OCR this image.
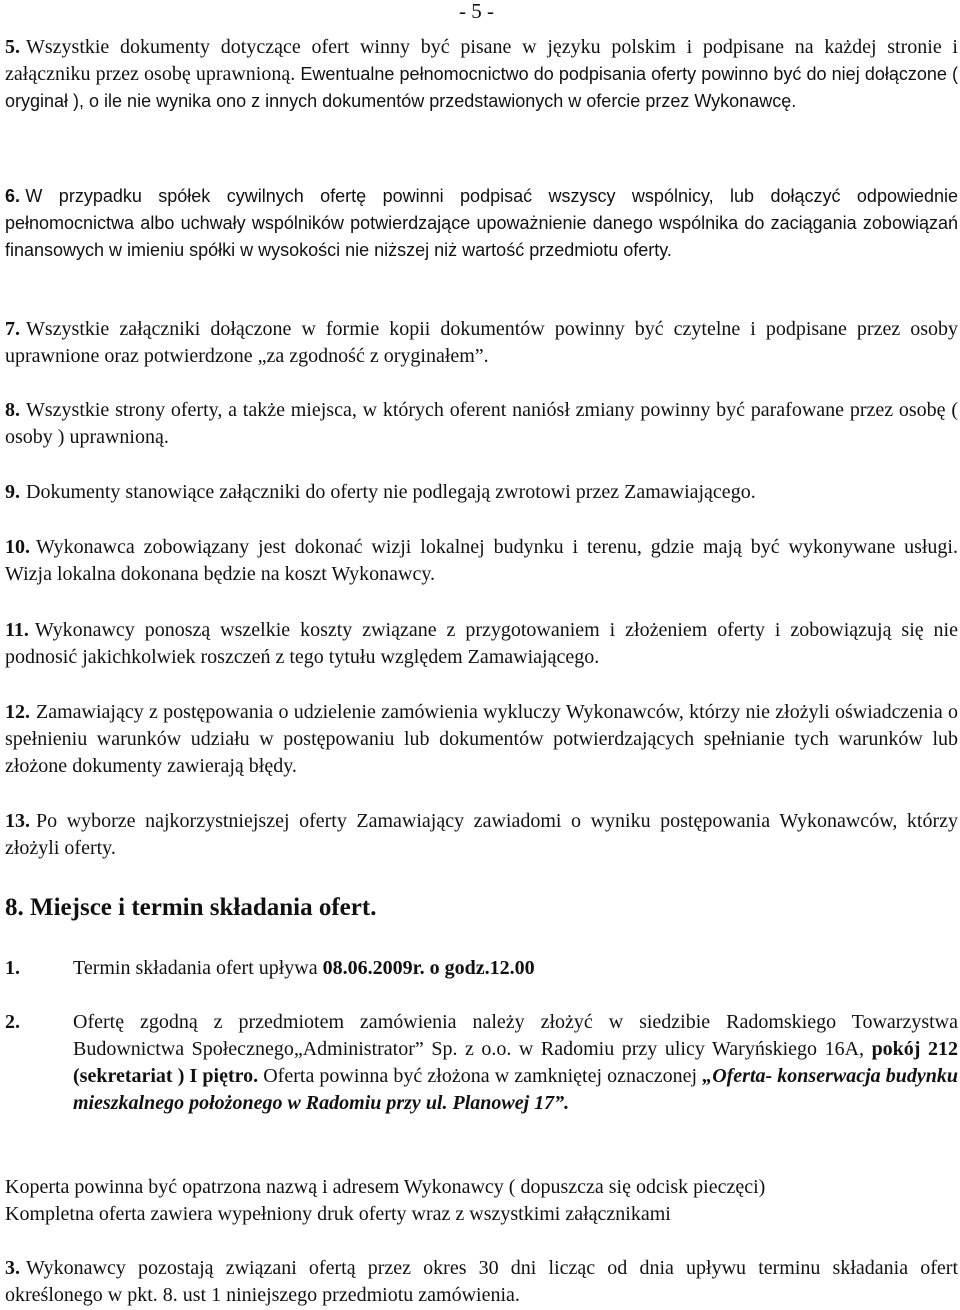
- 5 -
5. Wszystkie dokumenty dotyczące ofert winny być pisane w języku polskim i podpisane na każdej stronie i załączniku przez osobę uprawnioną. Ewentualne pełnomocnictwo do podpisania oferty powinno być do niej dołączone ( oryginał ), o ile nie wynika ono z innych dokumentów przedstawionych w ofercie przez Wykonawcę.
6. W przypadku spółek cywilnych ofertę powinni podpisać wszyscy wspólnicy, lub dołączyć odpowiednie pełnomocnictwa albo uchwały wspólników potwierdzające upoważnienie danego wspólnika do zaciągania zobowiązań finansowych w imieniu spółki w wysokości nie niższej niż wartość przedmiotu oferty.
7. Wszystkie załączniki dołączone w formie kopii dokumentów powinny być czytelne i podpisane przez osoby uprawnione oraz potwierdzone „za zgodność z oryginałem”.
8. Wszystkie strony oferty, a także miejsca, w których oferent naniósł zmiany powinny być parafowane przez osobę ( osoby ) uprawnioną.
9. Dokumenty stanowiące załączniki do oferty nie podlegają zwrotowi przez Zamawiającego.
10. Wykonawca zobowiązany jest dokonać wizji lokalnej budynku i terenu, gdzie mają być wykonywane usługi. Wizja lokalna dokonana będzie na koszt Wykonawcy.
11. Wykonawcy ponoszą wszelkie koszty związane z przygotowaniem i złożeniem oferty i zobowiązują się nie podnosić jakichkolwiek roszczeń z tego tytułu względem Zamawiającego.
12. Zamawiający z postępowania o udzielenie zamówienia wykluczy Wykonawców, którzy nie złożyli oświadczenia o spełnieniu warunków udziału w postępowaniu lub dokumentów potwierdzających spełnianie tych warunków lub złożone dokumenty zawierają błędy.
13. Po wyborze najkorzystniejszej oferty Zamawiający zawiadomi o wyniku postępowania Wykonawców, którzy złożyli oferty.
8. Miejsce i termin składania ofert.
1.	Termin składania ofert upływa 08.06.2009r. o godz.12.00
2.	Ofertę zgodną z przedmiotem zamówienia należy złożyć w siedzibie Radomskiego Towarzystwa Budownictwa Społecznego„Administrator” Sp. z o.o. w Radomiu przy ulicy Waryńskiego 16A, pokój 212 (sekretariat ) I piętro. Oferta powinna być złożona w zamkniętej oznaczonej „Oferta- konserwacja budynku mieszkalnego położonego w Radomiu przy ul. Planowej 17”.
Koperta powinna być opatrzona nazwą i adresem Wykonawcy ( dopuszcza się odcisk pieczęci)
Kompletna oferta zawiera wypełniony druk oferty wraz z wszystkimi załącznikami
3. Wykonawcy pozostają związani ofertą przez okres 30 dni licząc od dnia upływu terminu składania ofert określonego w pkt. 8. ust 1 niniejszego przedmiotu zamówienia.
